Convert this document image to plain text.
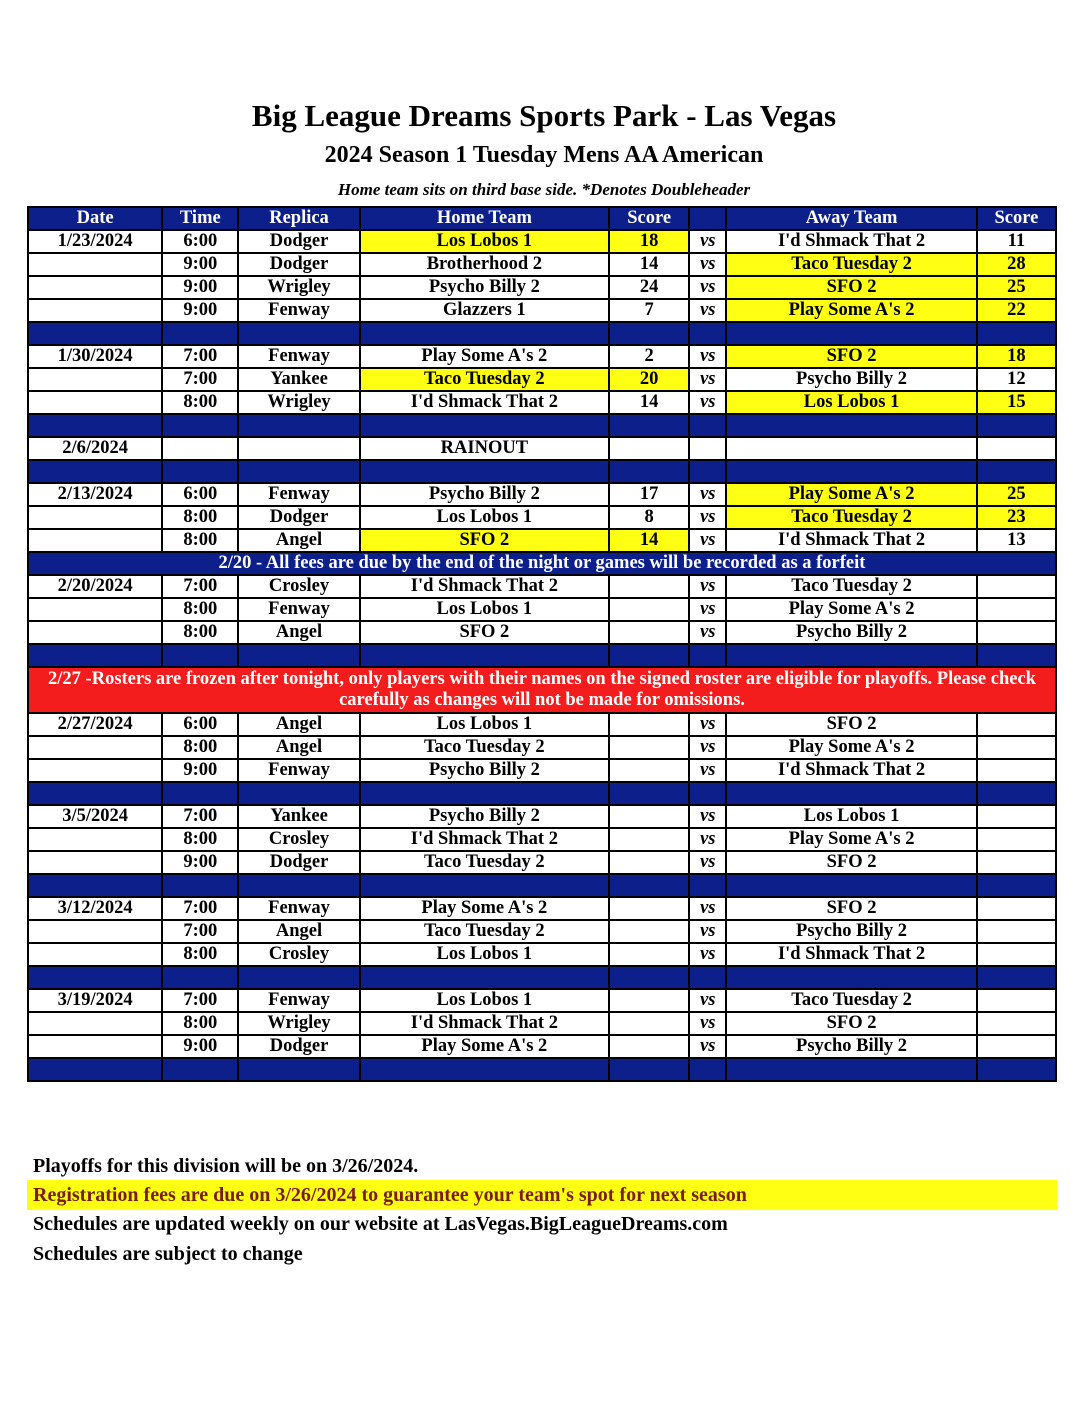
Big League Dreams Sports Park - Las Vegas
2024 Season 1 Tuesday Mens AA American
Home team sits on third base side. *Denotes Doubleheader
Date	Time	Replica	Home Team	Score		Away Team	Score
1/23/2024	6:00	Dodger	Los Lobos 1	18	vs	I'd Shmack That 2	11
	9:00	Dodger	Brotherhood 2	14	vs	Taco Tuesday 2	28
	9:00	Wrigley	Psycho Billy 2	24	vs	SFO 2	25
	9:00	Fenway	Glazzers 1	7	vs	Play Some A's 2	22

1/30/2024	7:00	Fenway	Play Some A's 2	2	vs	SFO 2	18
	7:00	Yankee	Taco Tuesday 2	20	vs	Psycho Billy 2	12
	8:00	Wrigley	I'd Shmack That 2	14	vs	Los Lobos 1	15

2/6/2024			RAINOUT				

2/13/2024	6:00	Fenway	Psycho Billy 2	17	vs	Play Some A's 2	25
	8:00	Dodger	Los Lobos 1	8	vs	Taco Tuesday 2	23
	8:00	Angel	SFO 2	14	vs	I'd Shmack That 2	13
2/20 - All fees are due by the end of the night or games will be recorded as a forfeit							
2/20/2024	7:00	Crosley	I'd Shmack That 2		vs	Taco Tuesday 2	
	8:00	Fenway	Los Lobos 1		vs	Play Some A's 2	
	8:00	Angel	SFO 2		vs	Psycho Billy 2	

2/27 -Rosters are frozen after tonight, only players with their names on the signed roster are eligible for playoffs. Please check carefully as changes will not be made for omissions.							
2/27/2024	6:00	Angel	Los Lobos 1		vs	SFO 2	
	8:00	Angel	Taco Tuesday 2		vs	Play Some A's 2	
	9:00	Fenway	Psycho Billy 2		vs	I'd Shmack That 2	

3/5/2024	7:00	Yankee	Psycho Billy 2		vs	Los Lobos 1	
	8:00	Crosley	I'd Shmack That 2		vs	Play Some A's 2	
	9:00	Dodger	Taco Tuesday 2		vs	SFO 2	

3/12/2024	7:00	Fenway	Play Some A's 2		vs	SFO 2	
	7:00	Angel	Taco Tuesday 2		vs	Psycho Billy 2	
	8:00	Crosley	Los Lobos 1		vs	I'd Shmack That 2	

3/19/2024	7:00	Fenway	Los Lobos 1		vs	Taco Tuesday 2	
	8:00	Wrigley	I'd Shmack That 2		vs	SFO 2	
	9:00	Dodger	Play Some A's 2		vs	Psycho Billy 2	

Playoffs for this division will be on 3/26/2024.
Registration fees are due on 3/26/2024 to guarantee your team's spot for next season
Schedules are updated weekly on our website at LasVegas.BigLeagueDreams.com
Schedules are subject to change
